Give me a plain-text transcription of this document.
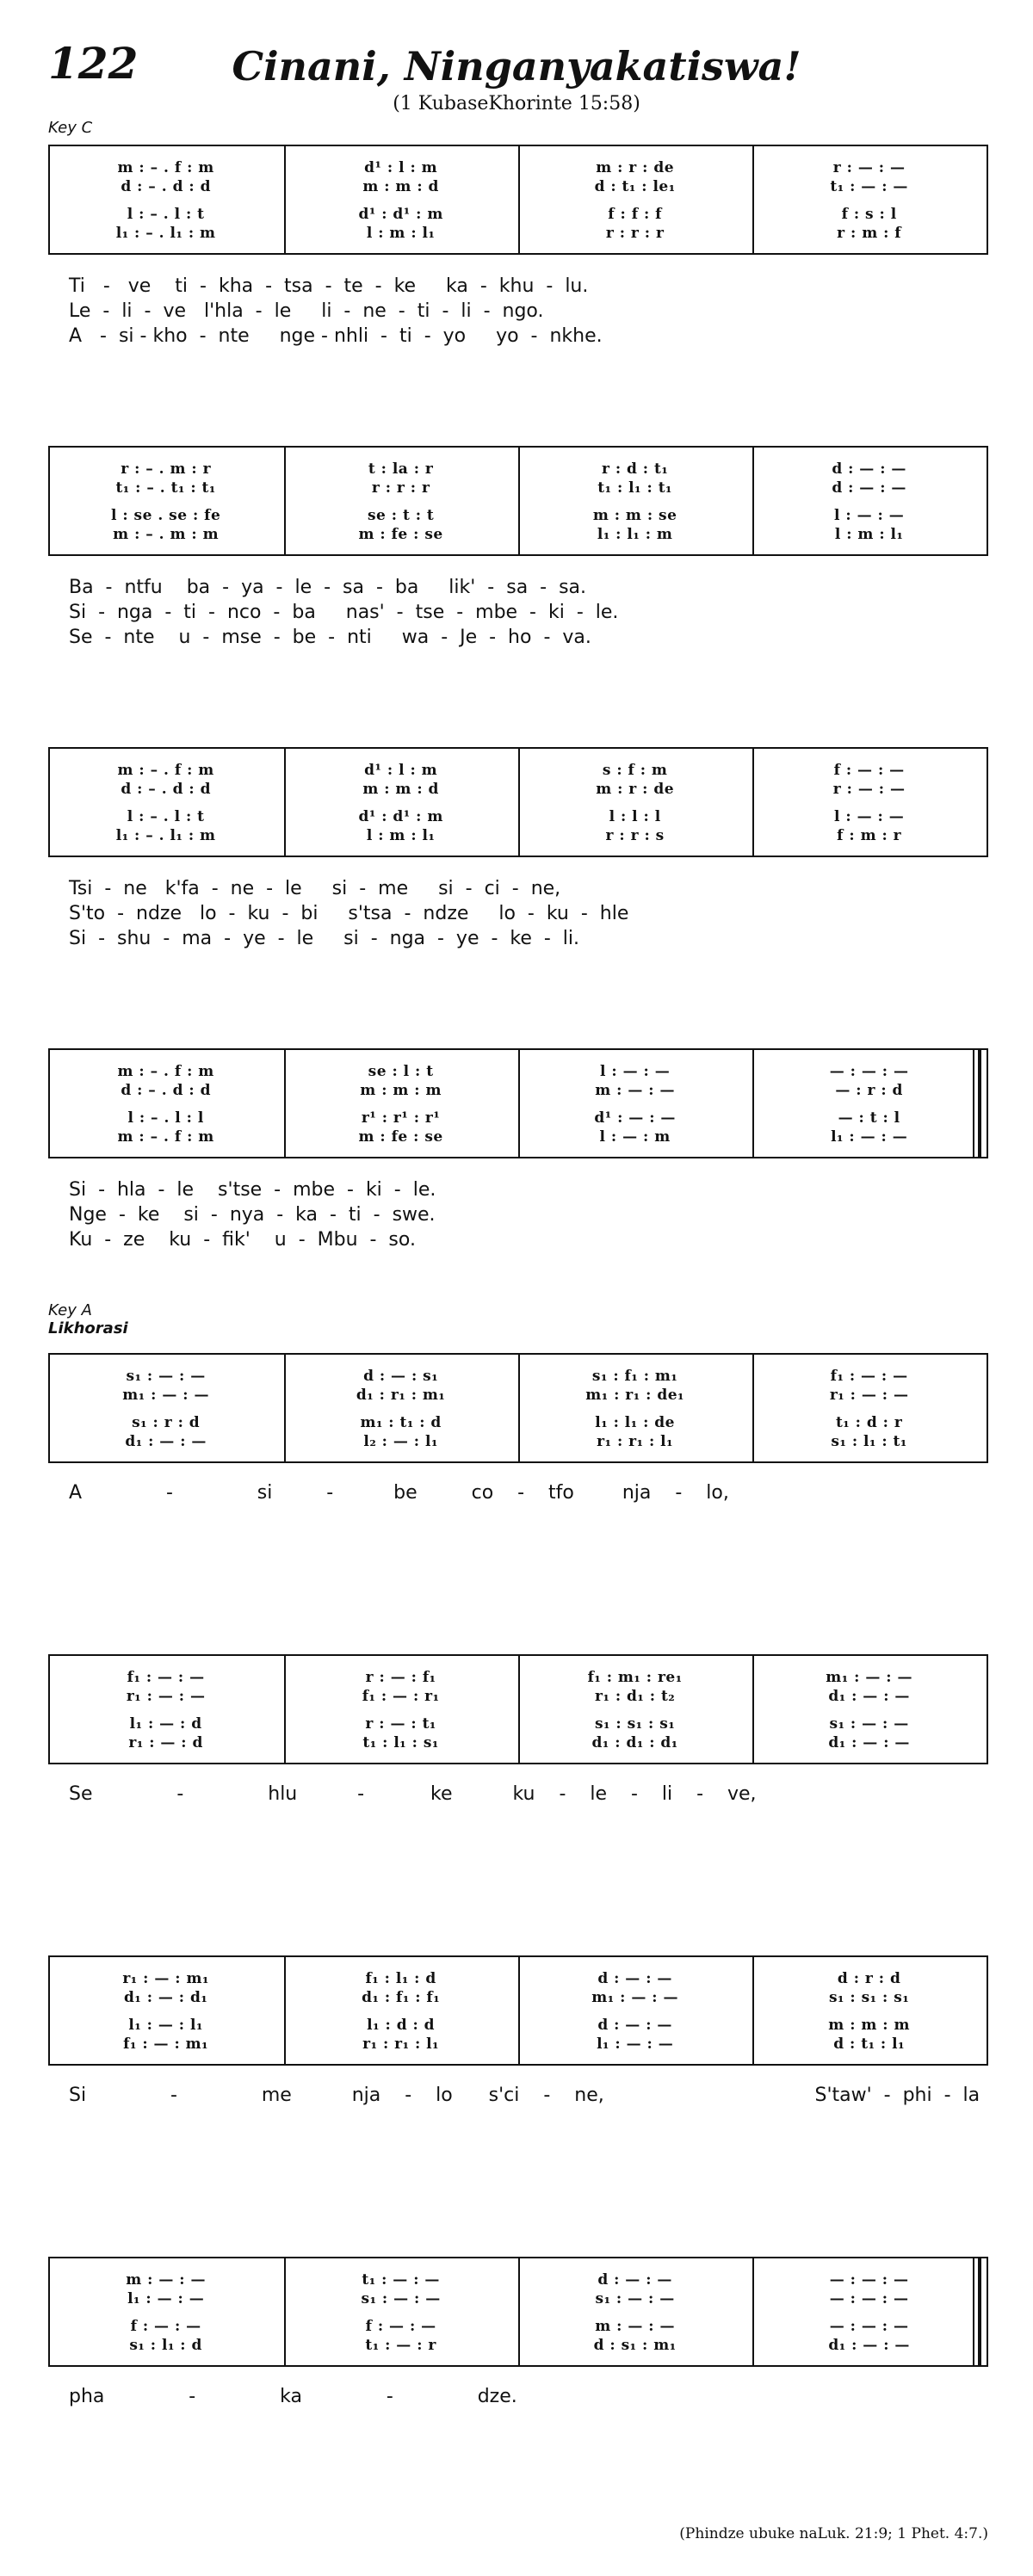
122	Cinani, Ninganyakatiswa!
(1 KubaseKhorinte 15:58)
Key C
Key A
Likhorasi
m : – . f : m
d : – . d : d
l : – . l : t
l₁ : – . l₁ : m
d¹ : l : m
m : m : d
d¹ : d¹ : m
l : m : l₁
m : r : de
d : t₁ : le₁
f : f : f
r : r : r
r : — : —
t₁ : — : —
f : s : l
r : m : f
Ti   -   ve    ti  -  kha  -  tsa  -  te  -  ke     ka  -  khu  -  lu.
Le  -  li  -  ve   l'hla  -  le     li  -  ne  -  ti  -  li  -  ngo.
A   -  si - kho  -  nte     nge - nhli  -  ti  -  yo     yo  -  nkhe.
r : – . m : r
t₁ : – . t₁ : t₁
l : se . se : fe
m : – . m : m
t : la : r
r : r : r
se : t : t
m : fe : se
r : d : t₁
t₁ : l₁ : t₁
m : m : se
l₁ : l₁ : m
d : — : —
d : — : —
l : — : —
l : m : l₁
Ba  -  ntfu    ba  -  ya  -  le  -  sa  -  ba     lik'  -  sa  -  sa.
Si  -  nga  -  ti  -  nco  -  ba     nas'  -  tse  -  mbe  -  ki  -  le.
Se  -  nte    u  -  mse  -  be  -  nti     wa  -  Je  -  ho  -  va.
m : – . f : m
d : – . d : d
l : – . l : t
l₁ : – . l₁ : m
d¹ : l : m
m : m : d
d¹ : d¹ : m
l : m : l₁
s : f : m
m : r : de
l : l : l
r : r : s
f : — : —
r : — : —
l : — : —
f : m : r
Tsi  -  ne   k'fa  -  ne  -  le     si  -  me     si  -  ci  -  ne,
S'to  -  ndze   lo  -  ku  -  bi     s'tsa  -  ndze     lo  -  ku  -  hle
Si  -  shu  -  ma  -  ye  -  le     si  -  nga  -  ye  -  ke  -  li.
m : – . f : m
d : – . d : d
l : – . l : l
m : – . f : m
se : l : t
m : m : m
r¹ : r¹ : r¹
m : fe : se
l : — : —
m : — : —
d¹ : — : —
l : — : m
— : — : —
— : r : d
— : t : l
l₁ : — : —
Si  -  hla  -  le    s'tse  -  mbe  -  ki  -  le.
Nge  -  ke    si  -  nya  -  ka  -  ti  -  swe.
Ku  -  ze    ku  -  fik'    u  -  Mbu  -  so.
s₁ : — : —
m₁ : — : —
s₁ : r : d
d₁ : — : —
d : — : s₁
d₁ : r₁ : m₁
m₁ : t₁ : d
l₂ : — : l₁
s₁ : f₁ : m₁
m₁ : r₁ : de₁
l₁ : l₁ : de
r₁ : r₁ : l₁
f₁ : — : —
r₁ : — : —
t₁ : d : r
s₁ : l₁ : t₁
A              -              si         -          be         co    -    tfo        nja    -    lo,
f₁ : — : —
r₁ : — : —
l₁ : — : d
r₁ : — : d
r : — : f₁
f₁ : — : r₁
r : — : t₁
t₁ : l₁ : s₁
f₁ : m₁ : re₁
r₁ : d₁ : t₂
s₁ : s₁ : s₁
d₁ : d₁ : d₁
m₁ : — : —
d₁ : — : —
s₁ : — : —
d₁ : — : —
Se              -              hlu          -           ke          ku    -    le    -    li    -    ve,
r₁ : — : m₁
d₁ : — : d₁
l₁ : — : l₁
f₁ : — : m₁
f₁ : l₁ : d
d₁ : f₁ : f₁
l₁ : d : d
r₁ : r₁ : l₁
d : — : —
m₁ : — : —
d : — : —
l₁ : — : —
d : r : d
s₁ : s₁ : s₁
m : m : m
d : t₁ : l₁
Si              -              me          nja    -    lo      s'ci    -    ne,                                   S'taw'  -  phi  -  la
m : — : —
l₁ : — : —
f : — : —
s₁ : l₁ : d
t₁ : — : —
s₁ : — : —
f : — : —
t₁ : — : r
d : — : —
s₁ : — : —
m : — : —
d : s₁ : m₁
— : — : —
— : — : —
— : — : —
d₁ : — : —
pha              -              ka              -              dze.
(Phindze ubuke naLuk. 21:9; 1 Phet. 4:7.)
